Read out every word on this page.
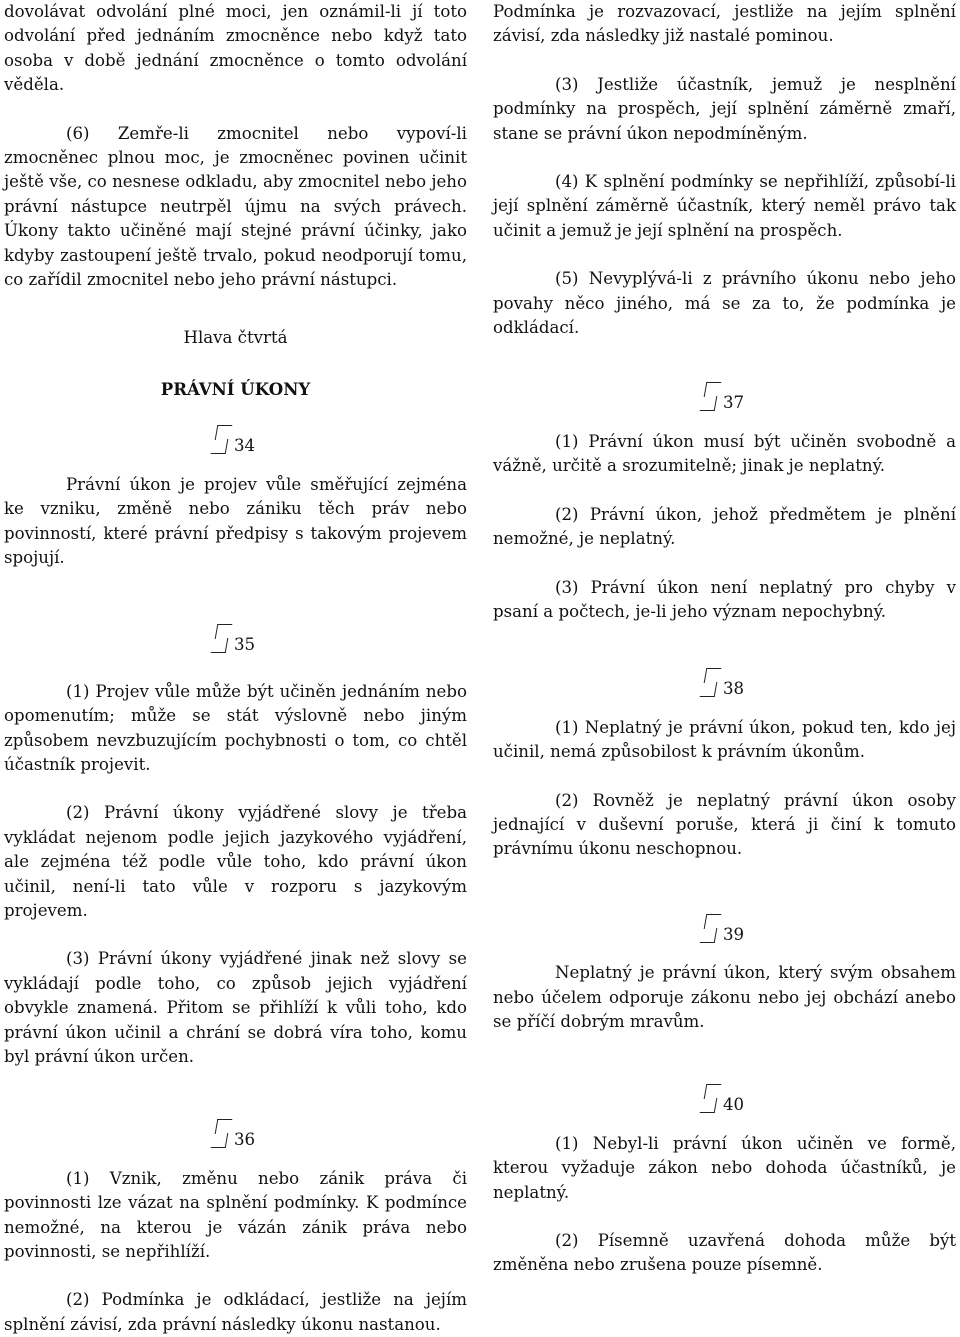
dovolávat odvolání plné moci, jen oznámil-li jí toto odvolání před jednáním zmocněnce nebo když tato osoba v době jednání zmocněnce o tomto odvolání věděla.

(6) Zemře-li zmocnitel nebo vypoví-li zmocněnec plnou moc, je zmocněnec povinen učinit ještě vše, co nesnese odkladu, aby zmocnitel nebo jeho právní nástupce neutrpěl újmu na svých právech. Úkony takto učiněné mají stejné právní účinky, jako kdyby zastoupení ještě trvalo, pokud neodporují tomu, co zařídil zmocnitel nebo jeho právní nástupci.

Hlava čtvrtá

PRÁVNÍ ÚKONY

34

Právní úkon je projev vůle směřující zejména ke vzniku, změně nebo zániku těch práv nebo povinností, které právní předpisy s takovým projevem spojují.

35

(1) Projev vůle může být učiněn jednáním nebo opomenutím; může se stát výslovně nebo jiným způsobem nevzbuzujícím pochybnosti o tom, co chtěl účastník projevit.

(2) Právní úkony vyjádřené slovy je třeba vykládat nejenom podle jejich jazykového vyjádření, ale zejména též podle vůle toho, kdo právní úkon učinil, není-li tato vůle v rozporu s jazykovým projevem.

(3) Právní úkony vyjádřené jinak než slovy se vykládají podle toho, co způsob jejich vyjádření obvykle znamená. Přitom se přihlíží k vůli toho, kdo právní úkon učinil a chrání se dobrá víra toho, komu byl právní úkon určen.

36

(1) Vznik, změnu nebo zánik práva či povinnosti lze vázat na splnění podmínky. K podmínce nemožné, na kterou je vázán zánik práva nebo povinnosti, se nepřihlíží.

(2) Podmínka je odkládací, jestliže na jejím splnění závisí, zda právní následky úkonu nastanou.

Podmínka je rozvazovací, jestliže na jejím splnění závisí, zda následky již nastalé pominou.

(3) Jestliže účastník, jemuž je nesplnění podmínky na prospěch, její splnění záměrně zmaří, stane se právní úkon nepodmíněným.

(4) K splnění podmínky se nepřihlíží, způsobí-li její splnění záměrně účastník, který neměl právo tak učinit a jemuž je její splnění na prospěch.

(5) Nevyplývá-li z právního úkonu nebo jeho povahy něco jiného, má se za to, že podmínka je odkládací.

37

(1) Právní úkon musí být učiněn svobodně a vážně, určitě a srozumitelně; jinak je neplatný.

(2) Právní úkon, jehož předmětem je plnění nemožné, je neplatný.

(3) Právní úkon není neplatný pro chyby v psaní a počtech, je-li jeho význam nepochybný.

38

(1) Neplatný je právní úkon, pokud ten, kdo jej učinil, nemá způsobilost k právním úkonům.

(2) Rovněž je neplatný právní úkon osoby jednající v duševní poruše, která ji činí k tomuto právnímu úkonu neschopnou.

39

Neplatný je právní úkon, který svým obsahem nebo účelem odporuje zákonu nebo jej obchází anebo se příčí dobrým mravům.

40

(1) Nebyl-li právní úkon učiněn ve formě, kterou vyžaduje zákon nebo dohoda účastníků, je neplatný.

(2) Písemně uzavřená dohoda může být změněna nebo zrušena pouze písemně.
